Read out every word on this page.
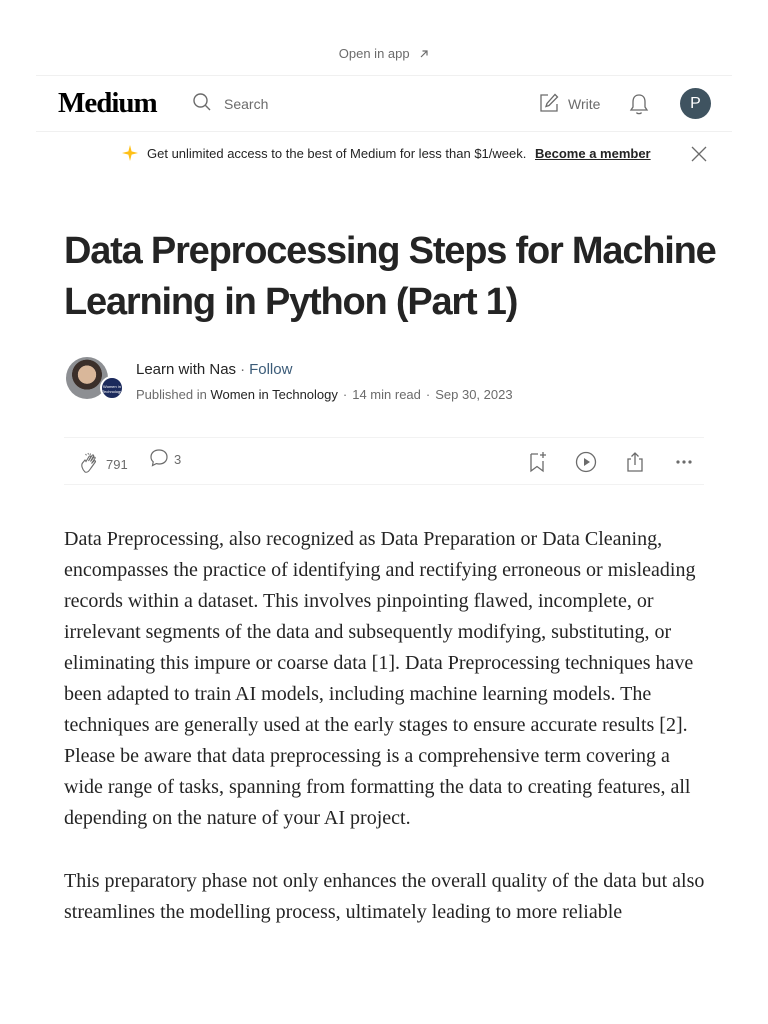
Open in app
Medium	Search	Write	P
Get unlimited access to the best of Medium for less than $1/week. Become a member
Data Preprocessing Steps for Machine Learning in Python (Part 1)
Women in Technology
Learn with Nas · Follow
Published in Women in Technology · 14 min read · Sep 30, 2023
791	3

Data Preprocessing, also recognized as Data Preparation or Data Cleaning, encompasses the practice of identifying and rectifying erroneous or misleading records within a dataset. This involves pinpointing flawed, incomplete, or irrelevant segments of the data and subsequently modifying, substituting, or eliminating this impure or coarse data [1]. Data Preprocessing techniques have been adapted to train AI models, including machine learning models. The techniques are generally used at the early stages to ensure accurate results [2]. Please be aware that data preprocessing is a comprehensive term covering a wide range of tasks, spanning from formatting the data to creating features, all depending on the nature of your AI project.

This preparatory phase not only enhances the overall quality of the data but also streamlines the modelling process, ultimately leading to more reliable
